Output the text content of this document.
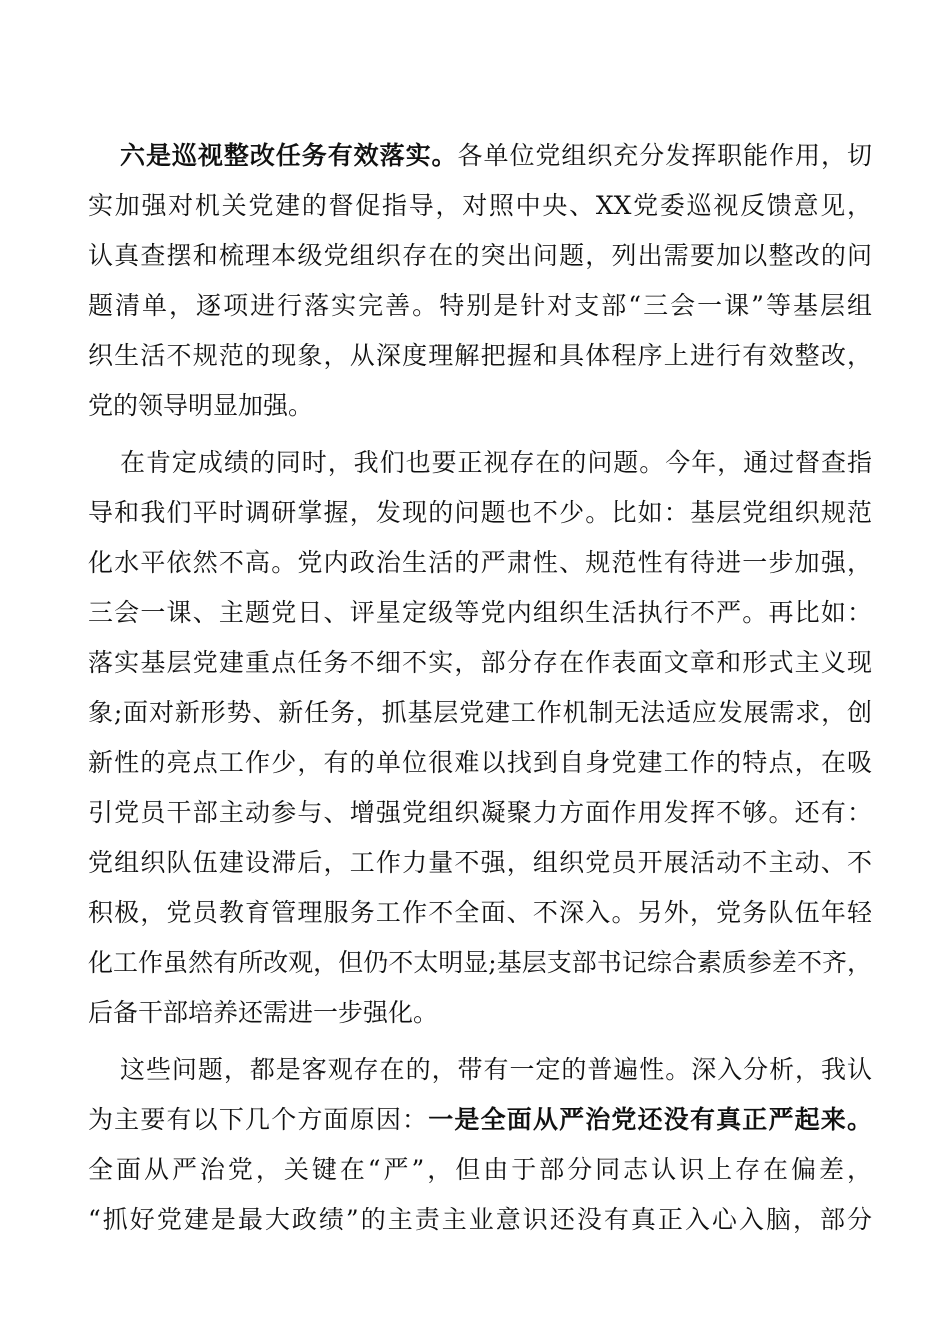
六是巡视整改任务有效落实。各单位党组织充分发挥职能作用，切
实加强对机关党建的督促指导，对照中央、XX党委巡视反馈意见，
认真查摆和梳理本级党组织存在的突出问题，列出需要加以整改的问
题清单，逐项进行落实完善。特别是针对支部“三会一课”等基层组
织生活不规范的现象，从深度理解把握和具体程序上进行有效整改，
党的领导明显加强。
在肯定成绩的同时，我们也要正视存在的问题。今年，通过督查指
导和我们平时调研掌握，发现的问题也不少。比如：基层党组织规范
化水平依然不高。党内政治生活的严肃性、规范性有待进一步加强，
三会一课、主题党日、评星定级等党内组织生活执行不严。再比如：
落实基层党建重点任务不细不实，部分存在作表面文章和形式主义现
象;面对新形势、新任务，抓基层党建工作机制无法适应发展需求，创
新性的亮点工作少，有的单位很难以找到自身党建工作的特点，在吸
引党员干部主动参与、增强党组织凝聚力方面作用发挥不够。还有：
党组织队伍建设滞后，工作力量不强，组织党员开展活动不主动、不
积极，党员教育管理服务工作不全面、不深入。另外，党务队伍年轻
化工作虽然有所改观，但仍不太明显;基层支部书记综合素质参差不齐，
后备干部培养还需进一步强化。
这些问题，都是客观存在的，带有一定的普遍性。深入分析，我认
为主要有以下几个方面原因：一是全面从严治党还没有真正严起来。
全面从严治党，关键在“严”，但由于部分同志认识上存在偏差，
“抓好党建是最大政绩”的主责主业意识还没有真正入心入脑，部分
